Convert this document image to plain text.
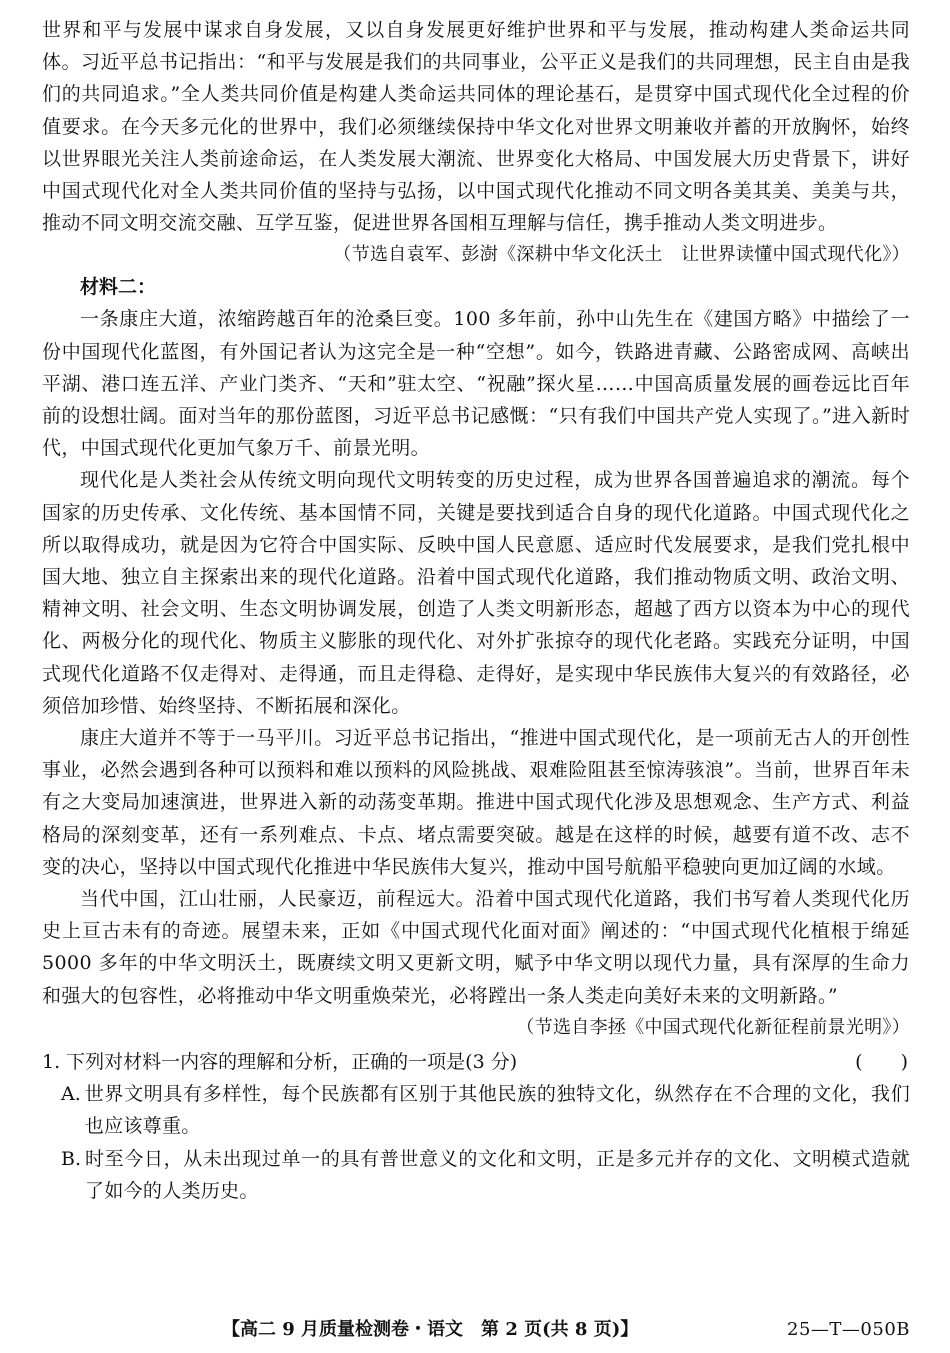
世界和平与发展中谋求自身发展，又以自身发展更好维护世界和平与发展，推动构建人类命运共同体。习近平总书记指出：“和平与发展是我们的共同事业，公平正义是我们的共同理想，民主自由是我们的共同追求。”全人类共同价值是构建人类命运共同体的理论基石，是贯穿中国式现代化全过程的价值要求。在今天多元化的世界中，我们必须继续保持中华文化对世界文明兼收并蓄的开放胸怀，始终以世界眼光关注人类前途命运，在人类发展大潮流、世界变化大格局、中国发展大历史背景下，讲好中国式现代化对全人类共同价值的坚持与弘扬，以中国式现代化推动不同文明各美其美、美美与共，推动不同文明交流交融、互学互鉴，促进世界各国相互理解与信任，携手推动人类文明进步。

（节选自袁军、彭澍《深耕中华文化沃土　让世界读懂中国式现代化》）

材料二：

一条康庄大道，浓缩跨越百年的沧桑巨变。100 多年前，孙中山先生在《建国方略》中描绘了一份中国现代化蓝图，有外国记者认为这完全是一种“空想”。如今，铁路进青藏、公路密成网、高峡出平湖、港口连五洋、产业门类齐、“天和”驻太空、“祝融”探火星……中国高质量发展的画卷远比百年前的设想壮阔。面对当年的那份蓝图，习近平总书记感慨：“只有我们中国共产党人实现了。”进入新时代，中国式现代化更加气象万千、前景光明。

现代化是人类社会从传统文明向现代文明转变的历史过程，成为世界各国普遍追求的潮流。每个国家的历史传承、文化传统、基本国情不同，关键是要找到适合自身的现代化道路。中国式现代化之所以取得成功，就是因为它符合中国实际、反映中国人民意愿、适应时代发展要求，是我们党扎根中国大地、独立自主探索出来的现代化道路。沿着中国式现代化道路，我们推动物质文明、政治文明、精神文明、社会文明、生态文明协调发展，创造了人类文明新形态，超越了西方以资本为中心的现代化、两极分化的现代化、物质主义膨胀的现代化、对外扩张掠夺的现代化老路。实践充分证明，中国式现代化道路不仅走得对、走得通，而且走得稳、走得好，是实现中华民族伟大复兴的有效路径，必须倍加珍惜、始终坚持、不断拓展和深化。

康庄大道并不等于一马平川。习近平总书记指出，“推进中国式现代化，是一项前无古人的开创性事业，必然会遇到各种可以预料和难以预料的风险挑战、艰难险阻甚至惊涛骇浪”。当前，世界百年未有之大变局加速演进，世界进入新的动荡变革期。推进中国式现代化涉及思想观念、生产方式、利益格局的深刻变革，还有一系列难点、卡点、堵点需要突破。越是在这样的时候，越要有道不改、志不变的决心，坚持以中国式现代化推进中华民族伟大复兴，推动中国号航船平稳驶向更加辽阔的水域。

当代中国，江山壮丽，人民豪迈，前程远大。沿着中国式现代化道路，我们书写着人类现代化历史上亘古未有的奇迹。展望未来，正如《中国式现代化面对面》阐述的：“中国式现代化植根于绵延 5000 多年的中华文明沃土，既赓续文明又更新文明，赋予中华文明以现代力量，具有深厚的生命力和强大的包容性，必将推动中华文明重焕荣光，必将蹚出一条人类走向美好未来的文明新路。”

（节选自李拯《中国式现代化新征程前景光明》）

1. 下列对材料一内容的理解和分析，正确的一项是(3 分)	(　　)
A. 世界文明具有多样性，每个民族都有区别于其他民族的独特文化，纵然存在不合理的文化，我们也应该尊重。
B. 时至今日，从未出现过单一的具有普世意义的文化和文明，正是多元并存的文化、文明模式造就了如今的人类历史。
【高二 9 月质量检测卷・语文　第 2 页(共 8 页)】	25—T—050B
